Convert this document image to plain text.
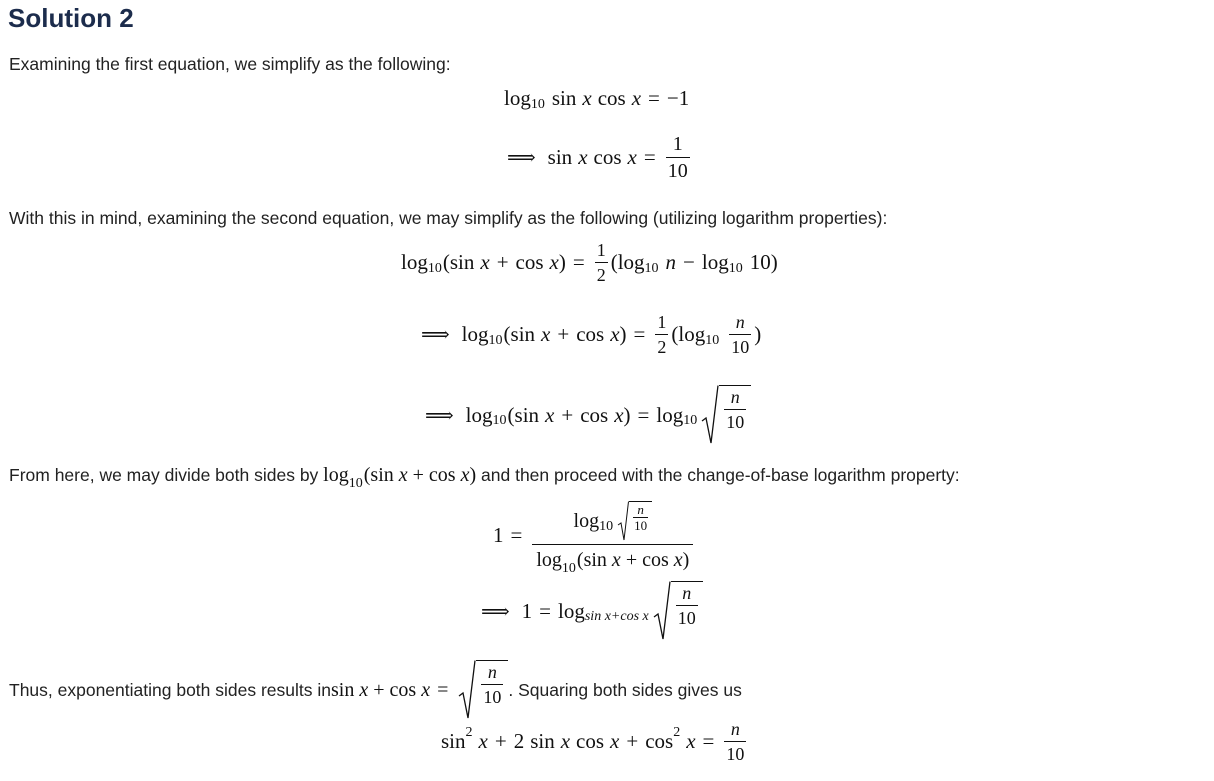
Solution 2

Examining the first equation, we simplify as the following:

log 10 sin x cos x = −1
⟹ sin x $\cos x = \frac{1}{10}$

With this in mind, examining the second equation, we may simplify as the following (utilizing logarithm properties):

log 10 ( sin x + cos x ) = $\frac{1}{2}$ ( log 10 n − log 10 10 )
⟹ log 10 ( sin x + cos x ) = $\frac{1}{2}$ ( $\log 10 \frac{n}{10}$ )
⟹ log 10 ( sin x + cos x ) = $\log 10 \frac{n}{10}$

From here, we may divide both sides by $\log_{10}(\sin$ x + cos x) and then proceed with the change-of-base logarithm property:

$1 = \frac{\log 10 \frac{n}{10}}{\log_{10}(\sin x + \cos x)}$
⟹ 1 = log sin x+cos x $\frac{n}{10}$

Thus, exponentiating both sides results in sin
x
+
cos
$x = \frac{n}{10}$ . Squaring both sides gives us

sin 2 x + 2 sin x cos x + cos 2 $x = \frac{n}{10}$
